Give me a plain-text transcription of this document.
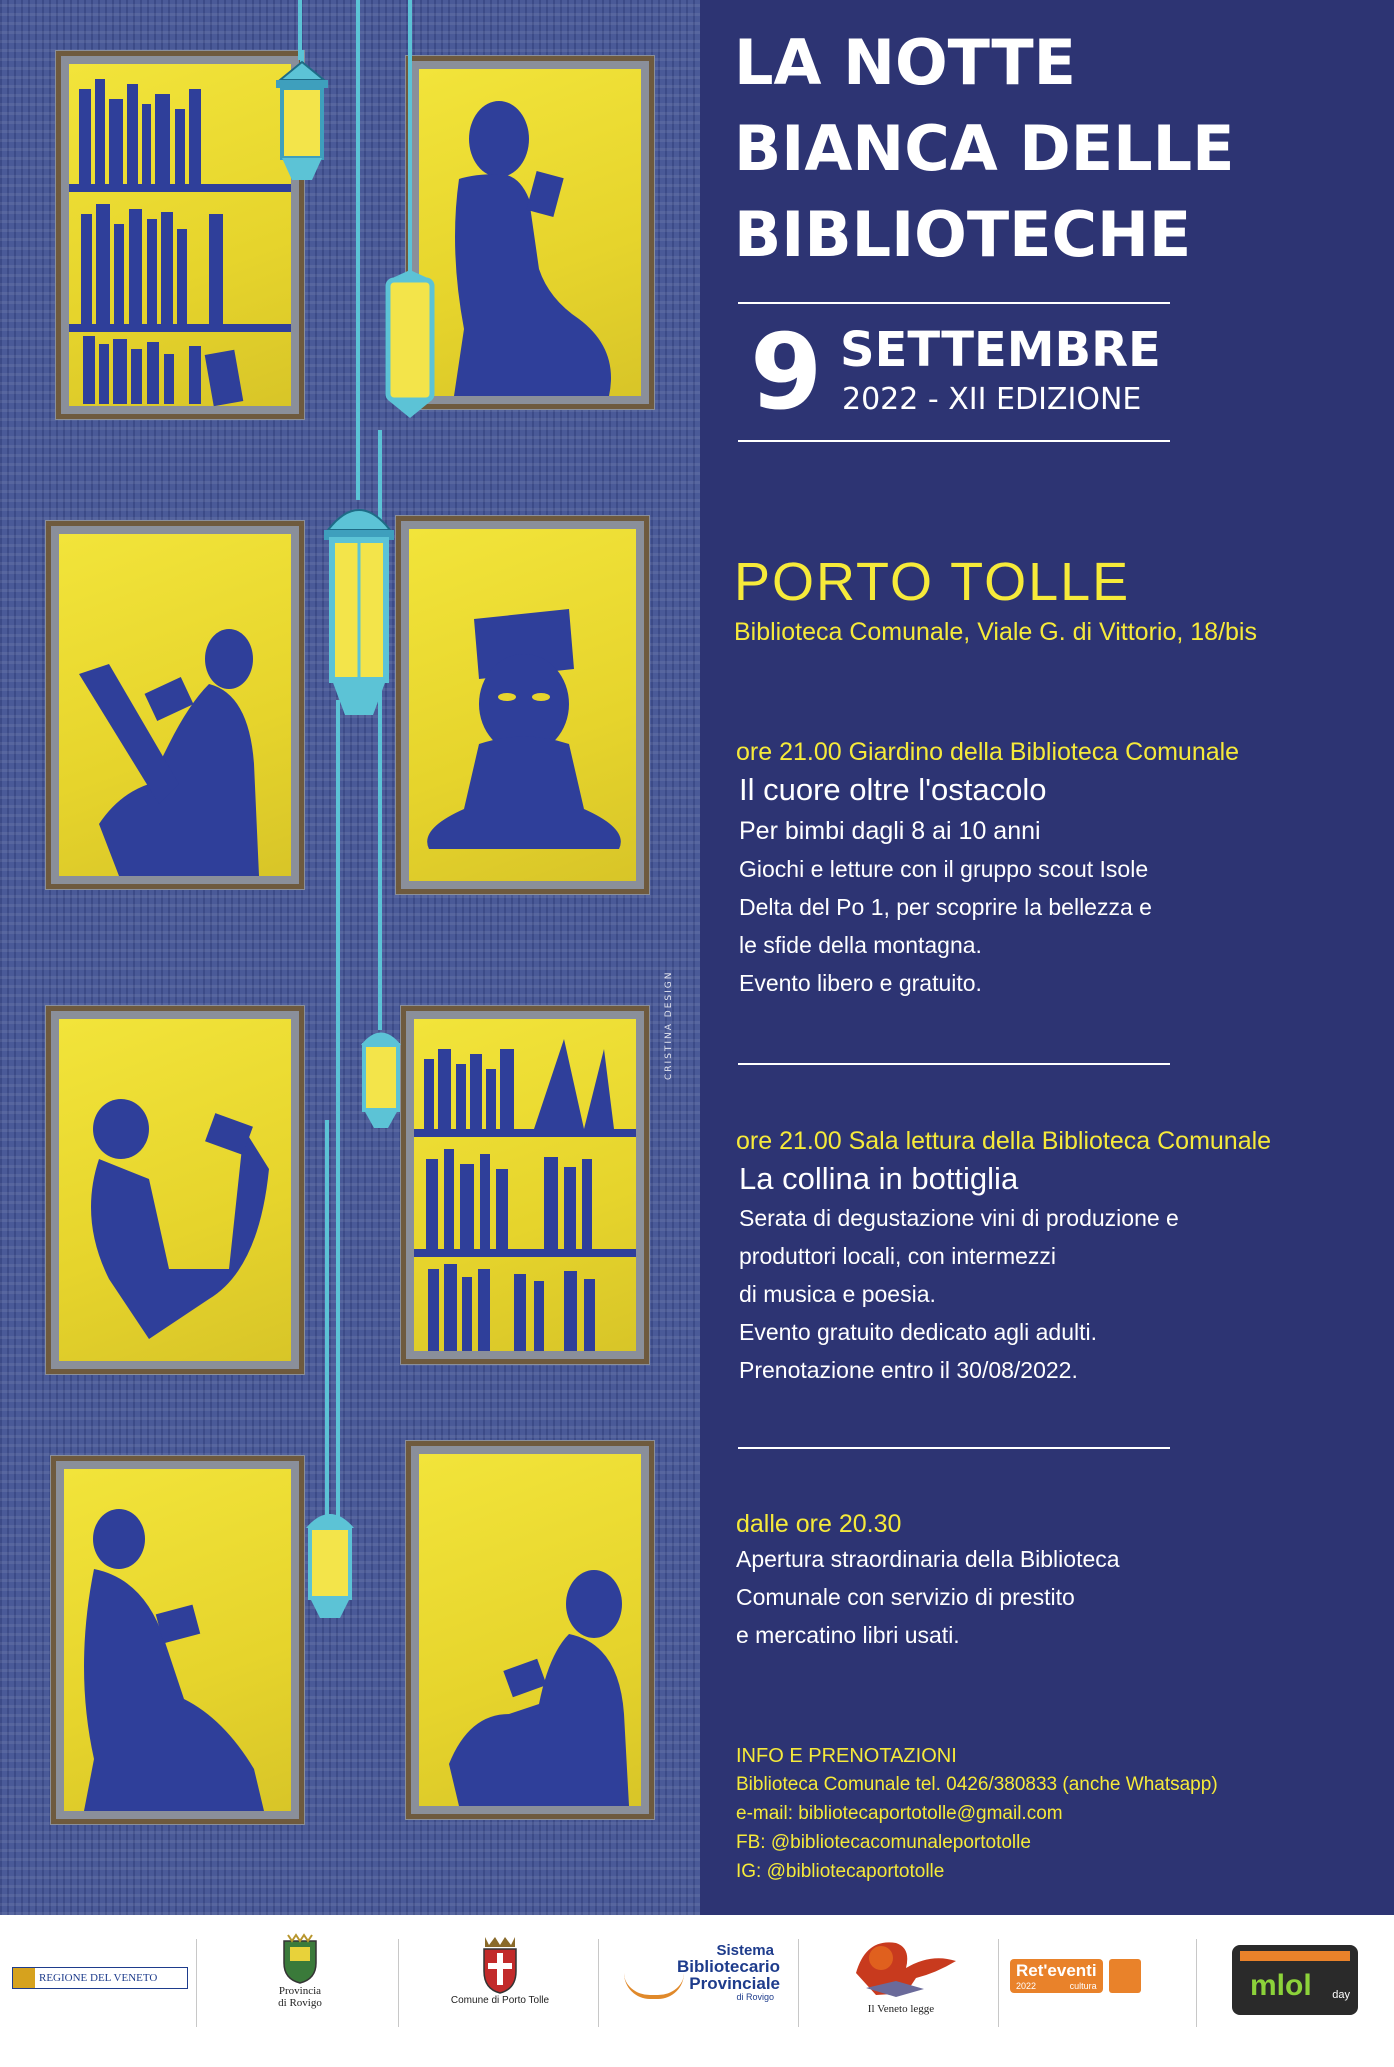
CRISTINA DESIGN
LA NOTTE
BIANCA DELLE
BIBLIOTECHE
9 SETTEMBRE
2022 - XII EDIZIONE
PORTO TOLLE
Biblioteca Comunale, Viale G. di Vittorio, 18/bis
ore 21.00 Giardino della Biblioteca Comunale
Il cuore oltre l'ostacolo
Per bimbi dagli 8 ai 10 anni
Giochi e letture con il gruppo scout Isole
Delta del Po 1, per scoprire la bellezza e
le sfide della montagna.
Evento libero e gratuito.
ore 21.00 Sala lettura della Biblioteca Comunale
La collina in bottiglia
Serata di degustazione vini di produzione e
produttori locali, con intermezzi
di musica e poesia.
Evento gratuito dedicato agli adulti.
Prenotazione entro il 30/08/2022.
dalle ore 20.30
Apertura straordinaria della Biblioteca
Comunale con servizio di prestito
e mercatino libri usati.
INFO E PRENOTAZIONI
Biblioteca Comunale tel. 0426/380833 (anche Whatsapp)
e-mail: bibliotecaportotolle@gmail.com
FB: @bibliotecacomunaleportotolle
IG: @bibliotecaportotolle
REGIONE DEL VENETO
Provincia
di Rovigo	Comune di Porto Tolle
Sistema
Bibliotecario
Provinciale
di Rovigo
Il Veneto legge
Ret'eventi
2022	cultura	mlol day
